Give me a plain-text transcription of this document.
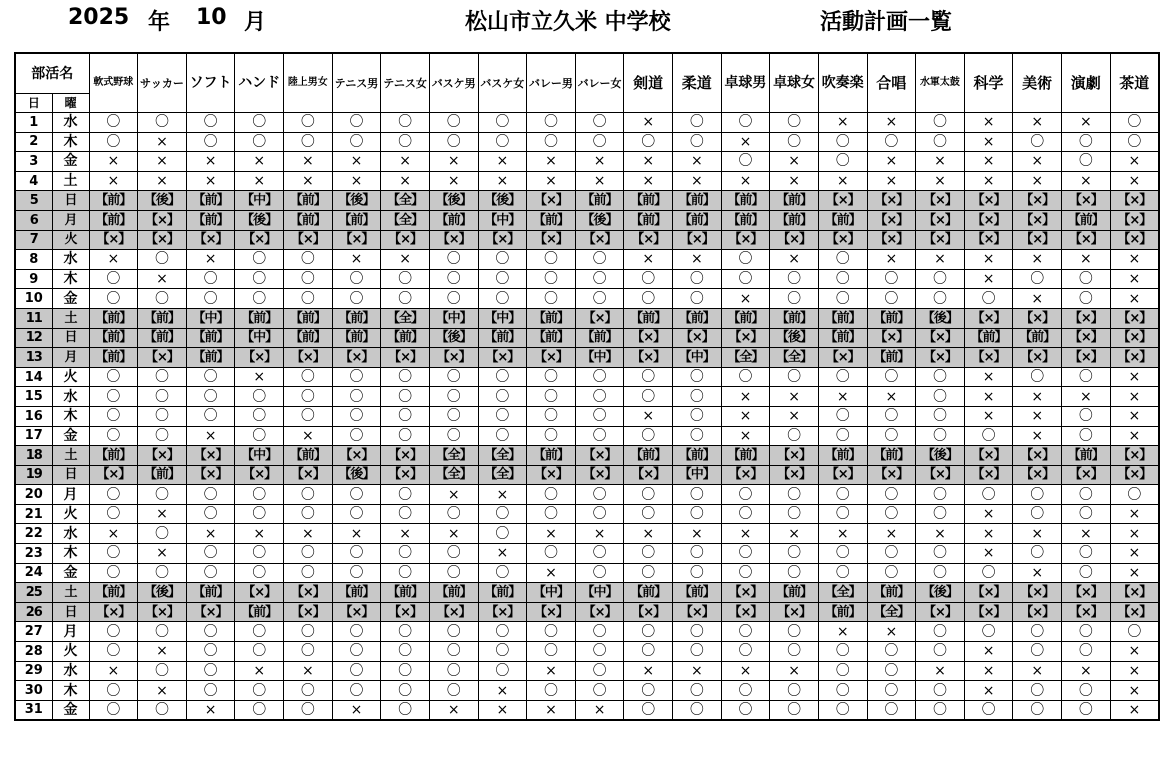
2025 年 10 月	松山市立久米 中学校	活動計画一覧
部活名
日 曜		軟式野球	サッカー	ソフト	ハンド	陸上男女	テニス男	テニス女	バスケ男	バスケ女	バレー男	バレー女	剣道	柔道	卓球男	卓球女	吹奏楽	合唱	水軍太鼓	科学	美術	演劇	茶道
1	水	〇	〇	〇	〇	〇	〇	〇	〇	〇	〇	〇	×	〇	〇	〇	×	×	〇	×	×	×	〇
2	木	〇	×	〇	〇	〇	〇	〇	〇	〇	〇	〇	〇	〇	×	〇	〇	〇	〇	×	〇	〇	〇
3	金	×	×	×	×	×	×	×	×	×	×	×	×	×	〇	×	〇	×	×	×	×	〇	×
4	土	×	×	×	×	×	×	×	×	×	×	×	×	×	×	×	×	×	×	×	×	×	×
5	日	【前】	【後】	【前】	【中】	【前】	【後】	【全】	【後】	【後】	【×】	【前】	【前】	【前】	【前】	【前】	【×】	【×】	【×】	【×】	【×】	【×】	【×】
6	月	【前】	【×】	【前】	【後】	【前】	【前】	【全】	【前】	【中】	【前】	【後】	【前】	【前】	【前】	【前】	【前】	【×】	【×】	【×】	【×】	【前】	【×】
7	火	【×】	【×】	【×】	【×】	【×】	【×】	【×】	【×】	【×】	【×】	【×】	【×】	【×】	【×】	【×】	【×】	【×】	【×】	【×】	【×】	【×】	【×】
8	水	×	〇	×	〇	〇	×	×	〇	〇	〇	〇	×	×	〇	×	〇	×	×	×	×	×	×
9	木	〇	×	〇	〇	〇	〇	〇	〇	〇	〇	〇	〇	〇	〇	〇	〇	〇	〇	×	〇	〇	×
10	金	〇	〇	〇	〇	〇	〇	〇	〇	〇	〇	〇	〇	〇	×	〇	〇	〇	〇	〇	×	〇	×
11	土	【前】	【前】	【中】	【前】	【前】	【前】	【全】	【中】	【中】	【前】	【×】	【前】	【前】	【前】	【前】	【前】	【前】	【後】	【×】	【×】	【×】	【×】
12	日	【前】	【前】	【前】	【中】	【前】	【前】	【前】	【後】	【前】	【前】	【前】	【×】	【×】	【×】	【後】	【前】	【×】	【×】	【前】	【前】	【×】	【×】
13	月	【前】	【×】	【前】	【×】	【×】	【×】	【×】	【×】	【×】	【×】	【中】	【×】	【中】	【全】	【全】	【×】	【前】	【×】	【×】	【×】	【×】	【×】
14	火	〇	〇	〇	×	〇	〇	〇	〇	〇	〇	〇	〇	〇	〇	〇	〇	〇	〇	×	〇	〇	×
15	水	〇	〇	〇	〇	〇	〇	〇	〇	〇	〇	〇	〇	〇	×	×	×	×	〇	×	×	×	×
16	木	〇	〇	〇	〇	〇	〇	〇	〇	〇	〇	〇	×	〇	×	×	〇	〇	〇	×	×	〇	×
17	金	〇	〇	×	〇	×	〇	〇	〇	〇	〇	〇	〇	〇	×	〇	〇	〇	〇	〇	×	〇	×
18	土	【前】	【×】	【×】	【中】	【前】	【×】	【×】	【全】	【全】	【前】	【×】	【前】	【前】	【前】	【×】	【前】	【前】	【後】	【×】	【×】	【前】	【×】
19	日	【×】	【前】	【×】	【×】	【×】	【後】	【×】	【全】	【全】	【×】	【×】	【×】	【中】	【×】	【×】	【×】	【×】	【×】	【×】	【×】	【×】	【×】
20	月	〇	〇	〇	〇	〇	〇	〇	×	×	〇	〇	〇	〇	〇	〇	〇	〇	〇	〇	〇	〇	〇
21	火	〇	×	〇	〇	〇	〇	〇	〇	〇	〇	〇	〇	〇	〇	〇	〇	〇	〇	×	〇	〇	×
22	水	×	〇	×	×	×	×	×	×	〇	×	×	×	×	×	×	×	×	×	×	×	×	×
23	木	〇	×	〇	〇	〇	〇	〇	〇	×	〇	〇	〇	〇	〇	〇	〇	〇	〇	×	〇	〇	×
24	金	〇	〇	〇	〇	〇	〇	〇	〇	〇	×	〇	〇	〇	〇	〇	〇	〇	〇	〇	×	〇	×
25	土	【前】	【後】	【前】	【×】	【×】	【前】	【前】	【前】	【前】	【中】	【中】	【前】	【前】	【×】	【前】	【全】	【前】	【後】	【×】	【×】	【×】	【×】
26	日	【×】	【×】	【×】	【前】	【×】	【×】	【×】	【×】	【×】	【×】	【×】	【×】	【×】	【×】	【×】	【前】	【全】	【×】	【×】	【×】	【×】	【×】
27	月	〇	〇	〇	〇	〇	〇	〇	〇	〇	〇	〇	〇	〇	〇	〇	×	×	〇	〇	〇	〇	〇
28	火	〇	×	〇	〇	〇	〇	〇	〇	〇	〇	〇	〇	〇	〇	〇	〇	〇	〇	×	〇	〇	×
29	水	×	〇	〇	×	×	〇	〇	〇	〇	×	〇	×	×	×	×	〇	〇	×	×	×	×	×
30	木	〇	×	〇	〇	〇	〇	〇	〇	×	〇	〇	〇	〇	〇	〇	〇	〇	〇	×	〇	〇	×
31	金	〇	〇	×	〇	〇	×	〇	×	×	×	×	〇	〇	〇	〇	〇	〇	〇	〇	〇	〇	×
